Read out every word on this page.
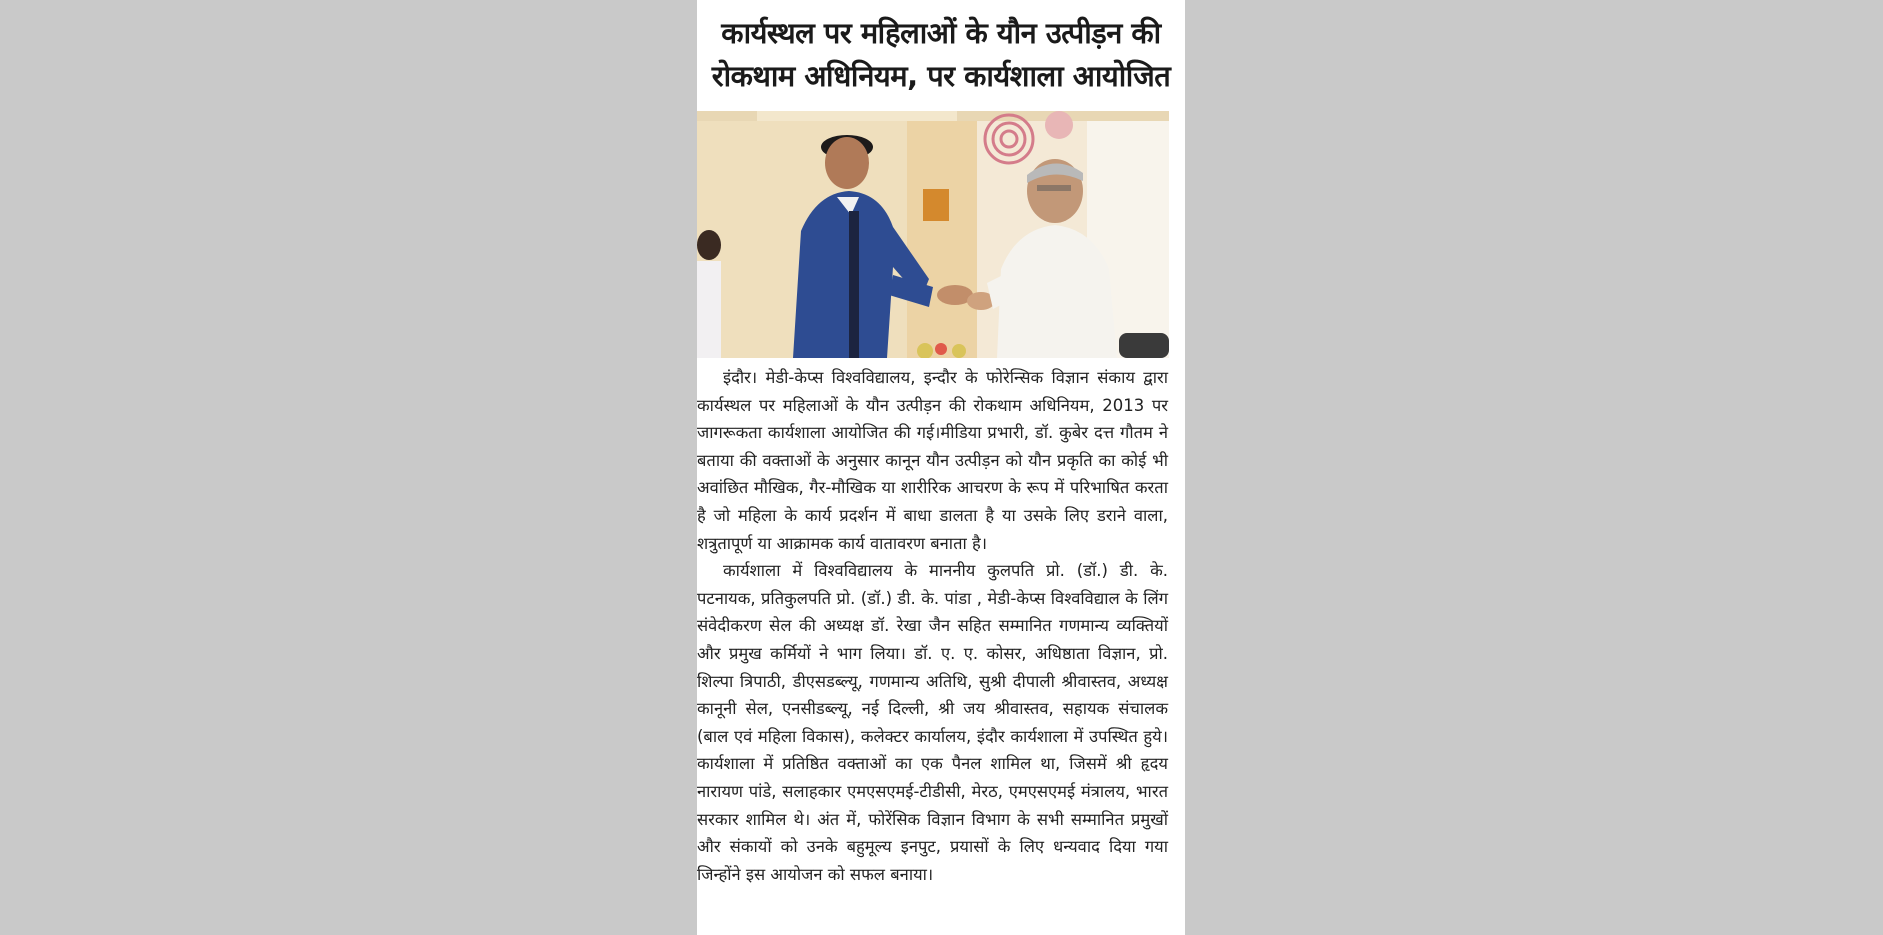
कार्यस्थल पर महिलाओं के यौन उत्पीड़न की
रोकथाम अधिनियम, पर कार्यशाला आयोजित

इंदौर। मेडी-केप्स विश्वविद्यालय, इन्दौर के फोरेन्सिक विज्ञान संकाय द्वारा कार्यस्थल पर महिलाओं के यौन उत्पीड़न की रोकथाम अधिनियम, 2013 पर जागरूकता कार्यशाला आयोजित की गई।मीडिया प्रभारी, डॉ. कुबेर दत्त गौतम ने बताया की वक्ताओं के अनुसार कानून यौन उत्पीड़न को यौन प्रकृति का कोई भी अवांछित मौखिक, गैर-मौखिक या शारीरिक आचरण के रूप में परिभाषित करता है जो महिला के कार्य प्रदर्शन में बाधा डालता है या उसके लिए डराने वाला, शत्रुतापूर्ण या आक्रामक कार्य वातावरण बनाता है।

कार्यशाला में विश्वविद्यालय के माननीय कुलपति प्रो. (डॉ.) डी. के. पटनायक, प्रतिकुलपति प्रो. (डॉ.) डी. के. पांडा , मेडी-केप्स विश्वविद्याल के लिंग संवेदीकरण सेल की अध्यक्ष डॉ. रेखा जैन सहित सम्मानित गणमान्य व्यक्तियों और प्रमुख कर्मियों ने भाग लिया। डॉ. ए. ए. कोसर, अधिष्ठाता विज्ञान, प्रो. शिल्पा त्रिपाठी, डीएसडब्ल्यू, गणमान्य अतिथि, सुश्री दीपाली श्रीवास्तव, अध्यक्ष कानूनी सेल, एनसीडब्ल्यू, नई दिल्ली, श्री जय श्रीवास्तव, सहायक संचालक (बाल एवं महिला विकास), कलेक्टर कार्यालय, इंदौर कार्यशाला में उपस्थित हुये। कार्यशाला में प्रतिष्ठित वक्ताओं का एक पैनल शामिल था, जिसमें श्री हृदय नारायण पांडे, सलाहकार एमएसएमई-टीडीसी, मेरठ, एमएसएमई मंत्रालय, भारत सरकार शामिल थे। अंत में, फोरेंसिक विज्ञान विभाग के सभी सम्मानित प्रमुखों और संकायों को उनके बहुमूल्य इनपुट, प्रयासों के लिए धन्यवाद दिया गया जिन्होंने इस आयोजन को सफल बनाया।
